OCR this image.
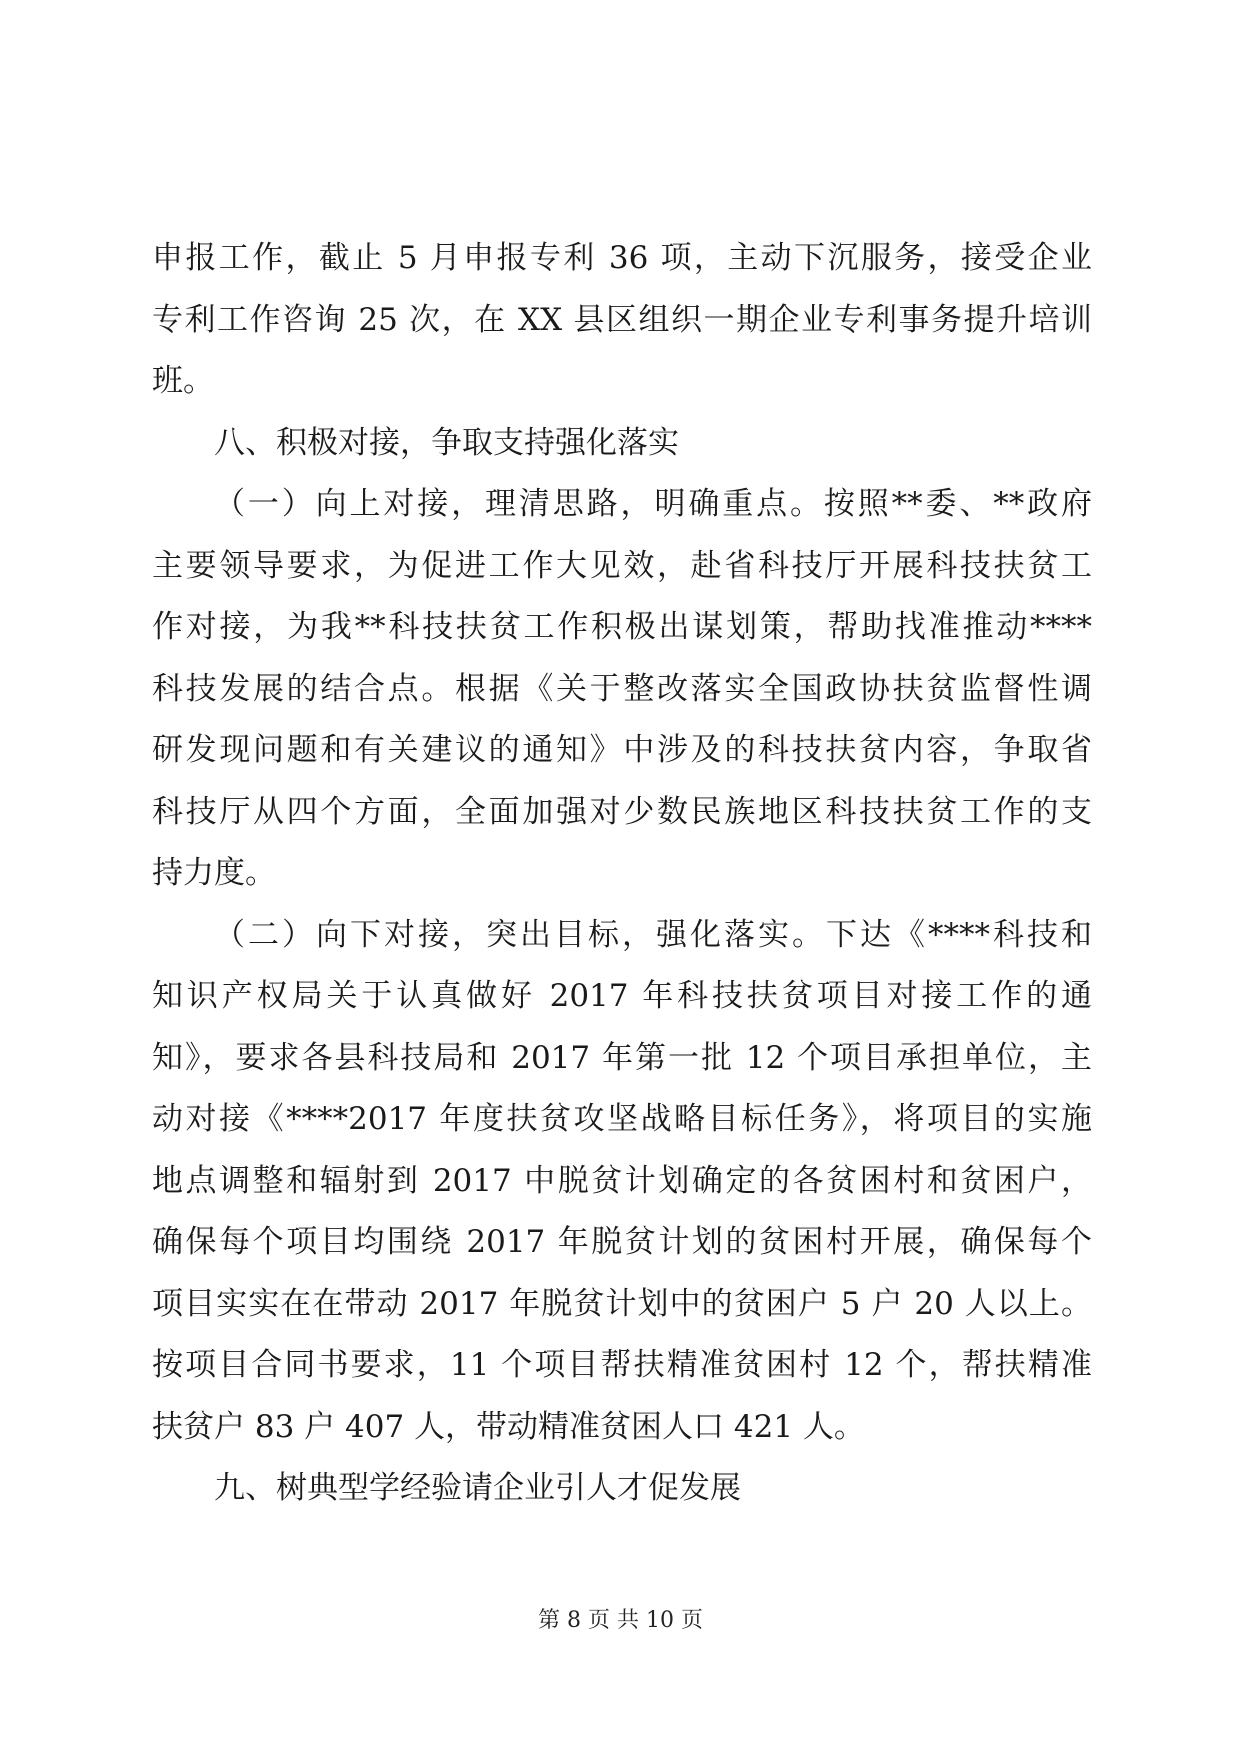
申报工作，截止 5 月申报专利 36 项，主动下沉服务，接受企业
专利工作咨询 25 次，在 XX 县区组织一期企业专利事务提升培训
班。
八、积极对接，争取支持强化落实
（一）向上对接，理清思路，明确重点。按照**委、**政府
主要领导要求，为促进工作大见效，赴省科技厅开展科技扶贫工
作对接，为我**科技扶贫工作积极出谋划策，帮助找准推动****
科技发展的结合点。根据《关于整改落实全国政协扶贫监督性调
研发现问题和有关建议的通知》中涉及的科技扶贫内容，争取省
科技厅从四个方面，全面加强对少数民族地区科技扶贫工作的支
持力度。
（二）向下对接，突出目标，强化落实。下达《****科技和
知识产权局关于认真做好 2017 年科技扶贫项目对接工作的通
知》，要求各县科技局和 2017 年第一批 12 个项目承担单位，主
动对接《****2017 年度扶贫攻坚战略目标任务》，将项目的实施
地点调整和辐射到 2017 中脱贫计划确定的各贫困村和贫困户，
确保每个项目均围绕 2017 年脱贫计划的贫困村开展，确保每个
项目实实在在带动 2017 年脱贫计划中的贫困户 5 户 20 人以上。
按项目合同书要求，11 个项目帮扶精准贫困村 12 个，帮扶精准
扶贫户 83 户 407 人，带动精准贫困人口 421 人。
九、树典型学经验请企业引人才促发展
第 8 页 共 10 页
